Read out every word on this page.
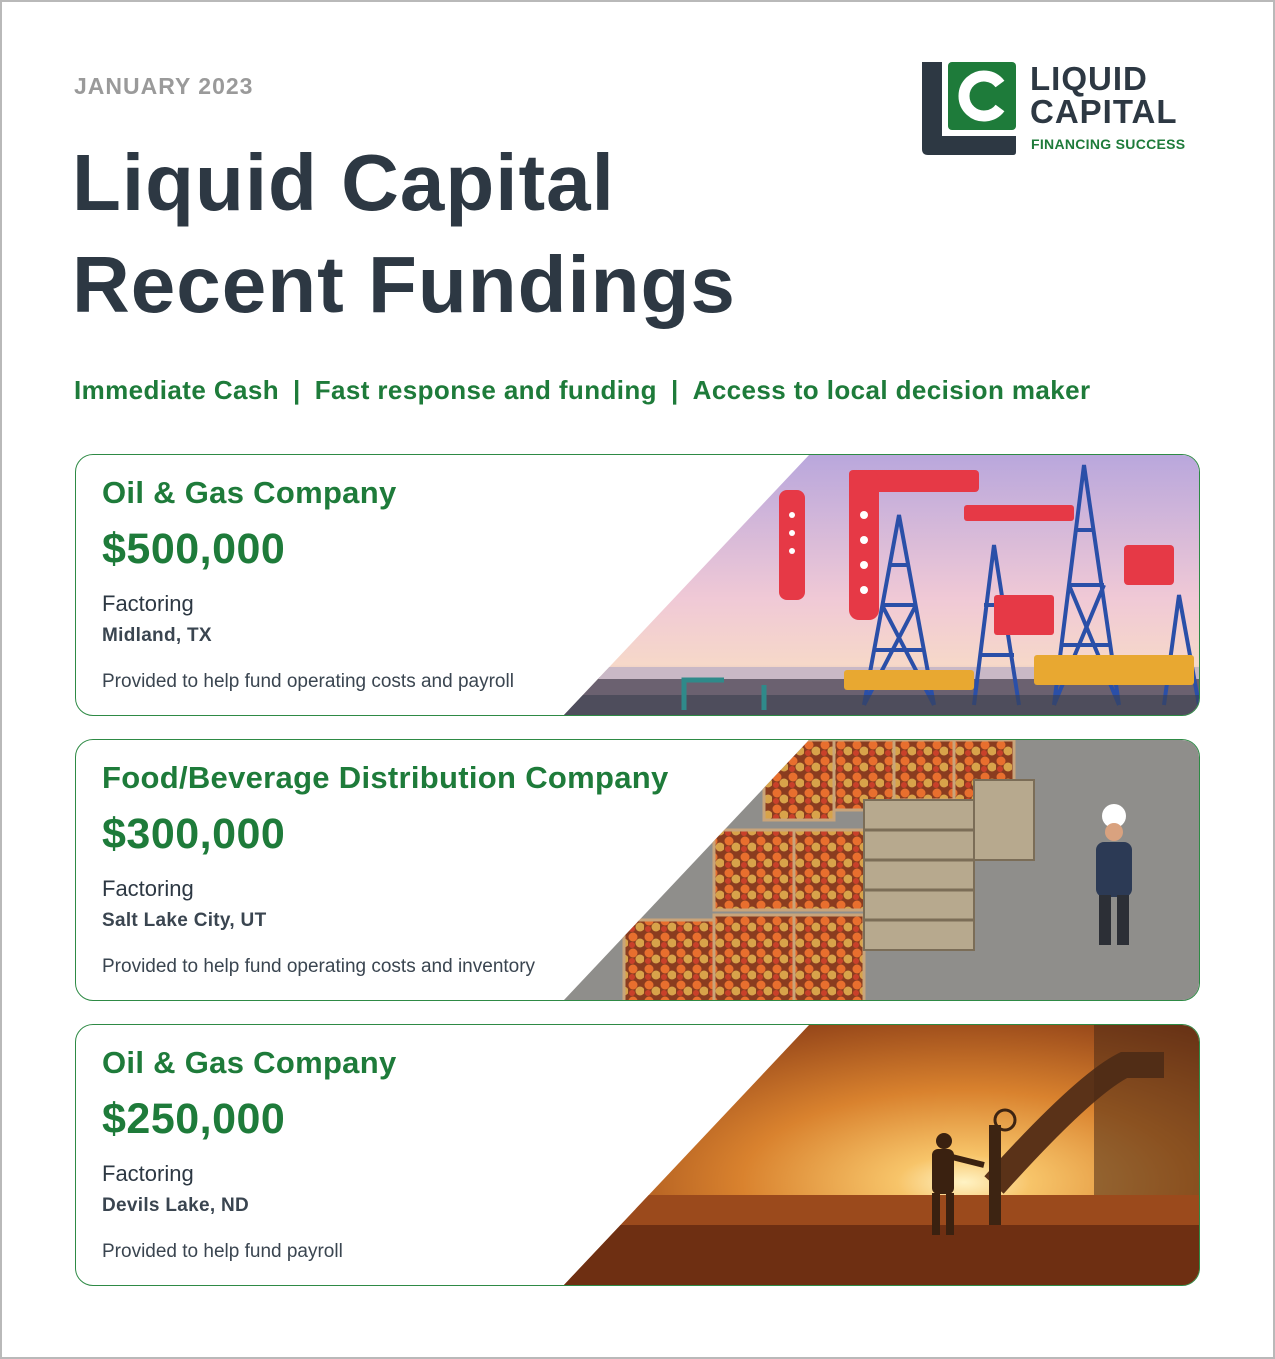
JANUARY 2023
Liquid Capital
Recent Fundings
LIQUID
CAPITAL
FINANCING SUCCESS
Immediate Cash | Fast response and funding | Access to local decision maker
Oil & Gas Company
$500,000
Factoring
Midland, TX
Provided to help fund operating costs and payroll
Food/Beverage Distribution Company
$300,000
Factoring
Salt Lake City, UT
Provided to help fund operating costs and inventory
Oil & Gas Company
$250,000
Factoring
Devils Lake, ND
Provided to help fund payroll
